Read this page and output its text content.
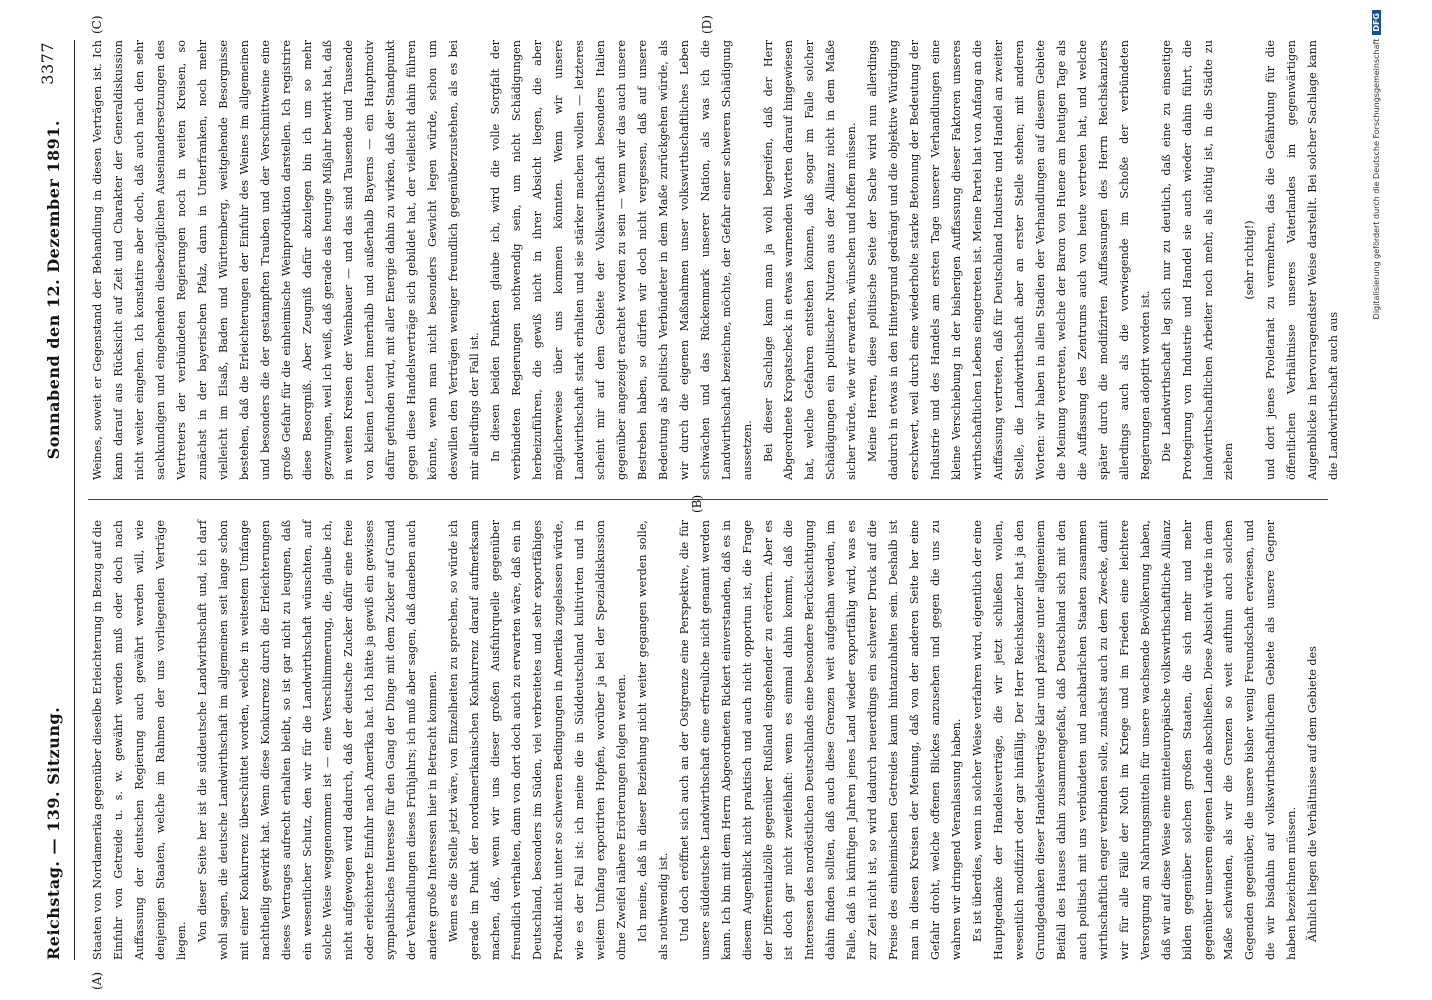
Reichstag. — 139. Sitzung.
Sonnabend den 12. Dezember 1891.
3377
(A)
(B)
(C)	(D)

Staaten von Nordamerika gegenüber dieselbe Erleichterung in Bezug auf die Einfuhr von Getreide u. s. w. gewährt werden muß oder doch nach Auffassung der deutschen Regierung auch gewährt werden will, wie denjenigen Staaten, welche im Rahmen der uns vorliegenden Verträge liegen. Von dieser Seite her ist die süddeutsche Landwirthschaft und, ich darf wohl sagen, die deutsche Landwirthschaft im allgemeinen seit lange schon mit einer Konkurrenz überschüttet worden, welche in weitestem Umfange nachtheilig gewirkt hat. Wenn diese Konkurrenz durch die Erleichterungen dieses Vertrages aufrecht erhalten bleibt, so ist gar nicht zu leugnen, daß ein wesentlicher Schutz, den wir für die Landwirthschaft wünschten, auf solche Weise weggenommen ist — eine Verschlimmerung, die, glaube ich, nicht aufgewogen wird dadurch, daß der deutsche Zucker dafür eine freie oder erleichterte Einfuhr nach Amerika hat. Ich hätte ja gewiß ein gewisses sympathisches Interesse für den Gang der Dinge mit dem Zucker auf Grund der Verhandlungen dieses Frühjahrs; ich muß aber sagen, daß daneben auch andere große Interessen hier in Betracht kommen. Wenn es die Stelle jetzt wäre, von Einzelheiten zu sprechen, so würde ich gerade im Punkt der nordamerikanischen Konkurrenz darauf aufmerksam machen, daß, wenn wir uns dieser großen Ausfuhrquelle gegenüber freundlich verhalten, dann von dort doch auch zu erwarten wäre, daß ein in Deutschland, besonders im Süden, viel verbreitetes und sehr exportfähiges Produkt nicht unter so schweren Bedingungen in Amerika zugelassen würde, wie es der Fall ist: ich meine die in Süddeutschland kultivirten und in weitem Umfang exportirten Hopfen, worüber ja bei der Spezialdiskussion ohne Zweifel nähere Erörterungen folgen werden. Ich meine, daß in dieser Beziehung nicht weiter gegangen werden solle, als nothwendig ist. Und doch eröffnet sich auch an der Ostgrenze eine Perspektive, die für unsere süddeutsche Landwirthschaft eine erfreuliche nicht genannt werden kann. Ich bin mit dem Herrn Abgeordneten Rickert einverstanden, daß es in diesem Augenblick nicht praktisch und auch nicht opportun ist, die Frage der Differentialzölle gegenüber Rußland eingehender zu erörtern. Aber es ist doch gar nicht zweifelhaft: wenn es einmal dahin kommt, daß die Interessen des nordöstlichen Deutschlands eine besondere Berücksichtigung dahin finden sollten, daß auch diese Grenzen weit aufgethan werden, im Falle, daß in künftigen Jahren jenes Land wieder exportfähig wird, was es zur Zeit nicht ist, so wird dadurch neuerdings ein schwerer Druck auf die Preise des einheimischen Getreides kaum hintanzuhalten sein. Deshalb ist man in diesen Kreisen der Meinung, daß von der anderen Seite her eine Gefahr droht, welche offenen Blickes anzusehen und gegen die uns zu wahren wir dringend Veranlassung haben. Es ist überdies, wenn in solcher Weise verfahren wird, eigentlich der eine Hauptgedanke der Handelsverträge, die wir jetzt schließen wollen, wesentlich modifizirt oder gar hinfällig. Der Herr Reichskanzler hat ja den Grundgedanken dieser Handelsverträge klar und präzise unter allgemeinem Beifall des Hauses dahin zusammengefaßt, daß Deutschland sich mit den auch politisch mit uns verbündeten und nachbarlichen Staaten zusammen wirthschaftlich enger verbinden solle, zunächst auch zu dem Zwecke, damit wir für alle Fälle der Noth im Kriege und im Frieden eine leichtere Versorgung an Nahrungsmitteln für unsere wachsende Bevölkerung haben, daß wir auf diese Weise eine mitteleuropäische volkswirthschaftliche Allianz bilden gegenüber solchen großen Staaten, die sich mehr und mehr gegenüber unserem eigenen Lande abschließen. Diese Absicht würde in dem Maße schwinden, als wir die Grenzen so weit aufthun auch solchen Gegenden gegenüber, die unsere bisher wenig Freundschaft erwiesen, und die wir bisdahin auf volkswirthschaftlichem Gebiete als unsere Gegner haben bezeichnen müssen. Ähnlich liegen die Verhältnisse auf dem Gebiete des

Weines, soweit er Gegenstand der Behandlung in diesen Verträgen ist. Ich kann darauf aus Rücksicht auf Zeit und Charakter der Generaldiskussion nicht weiter eingehen. Ich konstatire aber doch, daß auch nach den sehr sachkundigen und eingehenden diesbezüglichen Auseinandersetzungen des Vertreters der verbündeten Regierungen noch in weiten Kreisen, so zunächst in der bayerischen Pfalz, dann in Unterfranken, noch mehr vielleicht im Elsaß, Baden und Württemberg, weitgehende Besorgnisse bestehen, daß die Erleichterungen der Einfuhr des Weines im allgemeinen und besonders die der gestampften Trauben und der Verschnittweine eine große Gefahr für die einheimische Weinproduktion darstellen. Ich registrire diese Besorgniß. Aber Zeugniß dafür abzulegen bin ich um so mehr gezwungen, weil ich weiß, daß gerade das heurige Mißjahr bewirkt hat, daß in weiten Kreisen der Weinbauer — und das sind Tausende und Tausende von kleinen Leuten innerhalb und außerhalb Bayerns — ein Hauptmotiv dafür gefunden wird, mit aller Energie dahin zu wirken, daß der Standpunkt gegen diese Handelsverträge sich gebildet hat, der vielleicht dahin führen könnte, wenn man nicht besonders Gewicht legen würde, schon um deswillen den Verträgen weniger freundlich gegenüberzustehen, als es bei mir allerdings der Fall ist. In diesen beiden Punkten glaube ich, wird die volle Sorgfalt der verbündeten Regierungen nothwendig sein, um nicht Schädigungen herbeizuführen, die gewiß nicht in ihrer Absicht liegen, die aber möglicherweise über uns kommen könnten. Wenn wir unsere Landwirthschaft stark erhalten und sie stärker machen wollen — letzteres scheint mir auf dem Gebiete der Volkswirthschaft besonders Italien gegenüber angezeigt erachtet worden zu sein — wenn wir das auch unsere Bestreben haben, so dürfen wir doch nicht vergessen, daß auf unsere Bedeutung als politisch Verbündeter in dem Maße zurückgehen würde, als wir durch die eigenen Maßnahmen unser volkswirthschaftliches Leben schwächen und das Rückenmark unserer Nation, als was ich die Landwirthschaft bezeichne, möchte, der Gefahr einer schweren Schädigung aussetzen. Bei dieser Sachlage kann man ja wohl begreifen, daß der Herr Abgeordnete Kropatscheck in etwas warnenden Worten darauf hingewiesen hat, welche Gefahren entstehen können, daß sogar im Falle solcher Schädigungen ein politischer Nutzen aus der Allianz nicht in dem Maße sicher würde, wie wir erwarten, wünschen und hoffen müssen. Meine Herren, diese politische Seite der Sache wird nun allerdings dadurch in etwas in den Hintergrund gedrängt und die objektive Würdigung erschwert, weil durch eine wiederholte starke Betonung der Bedeutung der Industrie und des Handels am ersten Tage unserer Verhandlungen eine kleine Verschiebung in der bisherigen Auffassung dieser Faktoren unseres wirthschaftlichen Lebens eingetreten ist. Meine Partei hat von Anfang an die Auffassung vertreten, daß für Deutschland Industrie und Handel an zweiter Stelle, die Landwirthschaft aber an erster Stelle stehen; mit anderen Worten: wir haben in allen Stadien der Verhandlungen auf diesem Gebiete die Meinung vertreten, welche der Baron von Huene am heutigen Tage als die Auffassung des Zentrums auch von heute vertreten hat, und welche später durch die modifizirten Auffassungen des Herrn Reichskanzlers allerdings auch als die vorwiegende im Schoße der verbündeten Regierungen adoptirt worden ist. Die Landwirthschaft lag sich nur zu deutlich, daß eine zu einseitige Protegirung von Industrie und Handel sie auch wieder dahin führt, die landwirthschaftlichen Arbeiter noch mehr, als nöthig ist, in die Städte zu ziehen

(sehr richtig!) und dort jenes Proletariat zu vermehren, das die Gefährdung für die öffentlichen Verhältnisse unseres Vaterlandes im gegenwärtigen Augenblicke in hervorragendster Weise darstellt. Bei solcher Sachlage kann die Landwirthschaft auch aus

Digitalisierung gefördert durch die Deutsche ForschungsgemeinschaftDFG
